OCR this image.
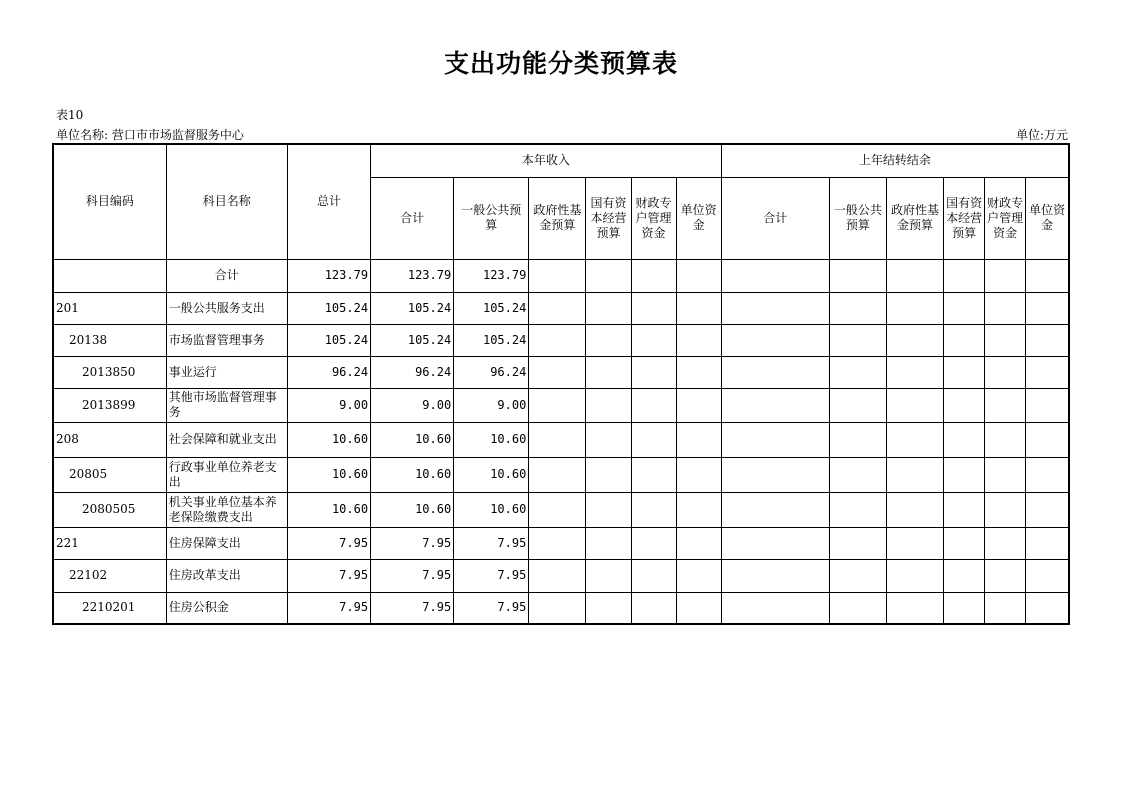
支出功能分类预算表
表10
单位名称: 营口市市场监督服务中心	单位:万元
科目编码	科目名称	总计	本年收入						上年结转结余					
			合计	一般公共预算	政府性基金预算	国有资本经营预算	财政专户管理资金	单位资金	合计	一般公共预算	政府性基金预算	国有资本经营预算	财政专户管理资金	单位资金
	合计	123.79	123.79	123.79										
201	一般公共服务支出	105.24	105.24	105.24										
20138	市场监督管理事务	105.24	105.24	105.24										
2013850	事业运行	96.24	96.24	96.24										
2013899	其他市场监督管理事务	9.00	9.00	9.00										
208	社会保障和就业支出	10.60	10.60	10.60										
20805	行政事业单位养老支出	10.60	10.60	10.60										
2080505	机关事业单位基本养老保险缴费支出	10.60	10.60	10.60										
221	住房保障支出	7.95	7.95	7.95										
22102	住房改革支出	7.95	7.95	7.95										
2210201	住房公积金	7.95	7.95	7.95										
